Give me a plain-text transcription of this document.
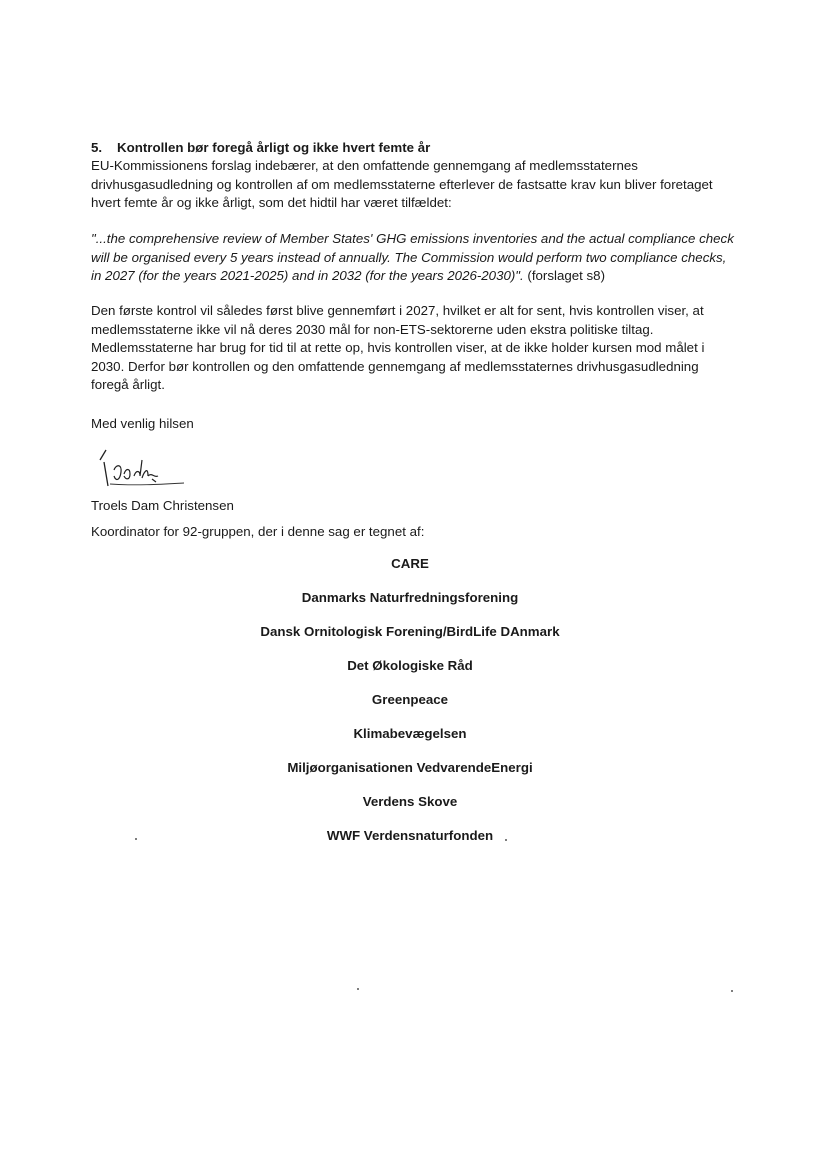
5. Kontrollen bør foregå årligt og ikke hvert femte år
EU-Kommissionens forslag indebærer, at den omfattende gennemgang af medlemsstaternes
drivhusgasudledning og kontrollen af om medlemsstaterne efterlever de fastsatte krav kun bliver foretaget
hvert femte år og ikke årligt, som det hidtil har været tilfældet:
"...the comprehensive review of Member States' GHG emissions inventories and the actual compliance check
will be organised every 5 years instead of annually. The Commission would perform two compliance checks,
in 2027 (for the years 2021-2025) and in 2032 (for the years 2026-2030)". (forslaget s8)
Den første kontrol vil således først blive gennemført i 2027, hvilket er alt for sent, hvis kontrollen viser, at
medlemsstaterne ikke vil nå deres 2030 mål for non-ETS-sektorerne uden ekstra politiske tiltag.
Medlemsstaterne har brug for tid til at rette op, hvis kontrollen viser, at de ikke holder kursen mod målet i
2030. Derfor bør kontrollen og den omfattende gennemgang af medlemsstaternes drivhusgasudledning
foregå årligt.
Med venlig hilsen
Troels Dam Christensen
Koordinator for 92-gruppen, der i denne sag er tegnet af:
CARE
Danmarks Naturfredningsforening
Dansk Ornitologisk Forening/BirdLife DAnmark
Det Økologiske Råd
Greenpeace
Klimabevægelsen
Miljøorganisationen VedvarendeEnergi
Verdens Skove
WWF Verdensnaturfonden
